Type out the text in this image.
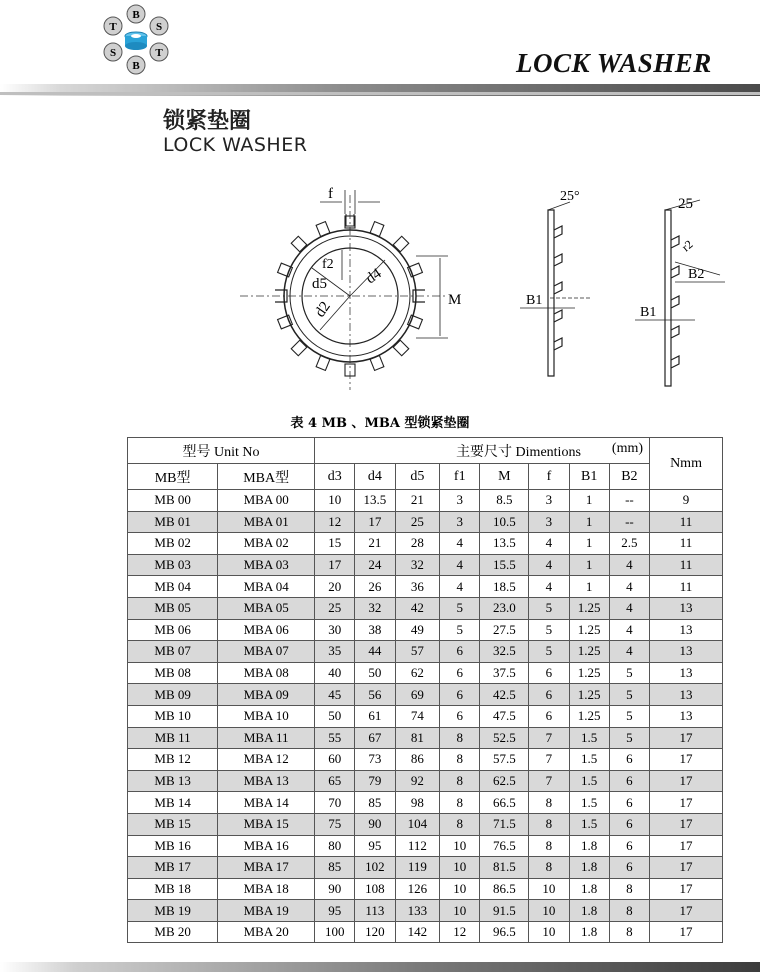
B
S
T
B
S
T
LOCK WASHER
锁紧垫圈
LOCK WASHER
f
f2
d5 d4
d2	M
25°
B1
25
r2
B2
B1
表 4 MB 、MBA 型锁紧垫圈
型号 Unit No		主要尺寸 Dimentions (mm)								Nmm
MB型	MBA型	d3	d4	d5	f1	M	f	B1	B2	
MB 00	MBA 00	10	13.5	21	3	8.5	3	1	--	9
MB 01	MBA 01	12	17	25	3	10.5	3	1	--	11
MB 02	MBA 02	15	21	28	4	13.5	4	1	2.5	11
MB 03	MBA 03	17	24	32	4	15.5	4	1	4	11
MB 04	MBA 04	20	26	36	4	18.5	4	1	4	11
MB 05	MBA 05	25	32	42	5	23.0	5	1.25	4	13
MB 06	MBA 06	30	38	49	5	27.5	5	1.25	4	13
MB 07	MBA 07	35	44	57	6	32.5	5	1.25	4	13
MB 08	MBA 08	40	50	62	6	37.5	6	1.25	5	13
MB 09	MBA 09	45	56	69	6	42.5	6	1.25	5	13
MB 10	MBA 10	50	61	74	6	47.5	6	1.25	5	13
MB 11	MBA 11	55	67	81	8	52.5	7	1.5	5	17
MB 12	MBA 12	60	73	86	8	57.5	7	1.5	6	17
MB 13	MBA 13	65	79	92	8	62.5	7	1.5	6	17
MB 14	MBA 14	70	85	98	8	66.5	8	1.5	6	17
MB 15	MBA 15	75	90	104	8	71.5	8	1.5	6	17
MB 16	MBA 16	80	95	112	10	76.5	8	1.8	6	17
MB 17	MBA 17	85	102	119	10	81.5	8	1.8	6	17
MB 18	MBA 18	90	108	126	10	86.5	10	1.8	8	17
MB 19	MBA 19	95	113	133	10	91.5	10	1.8	8	17
MB 20	MBA 20	100	120	142	12	96.5	10	1.8	8	17
